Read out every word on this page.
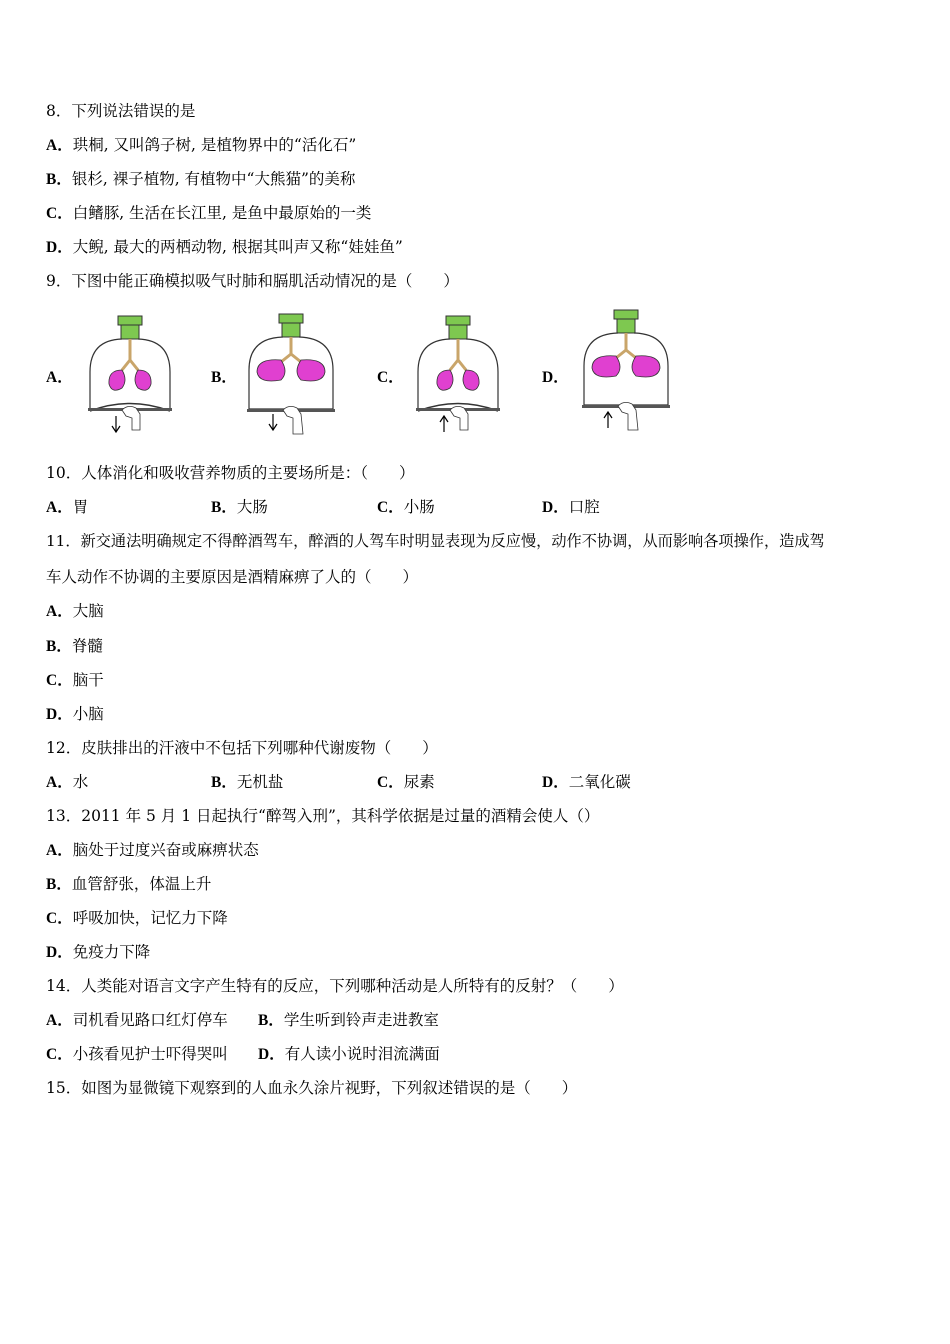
8．下列说法错误的是
A．珙桐, 又叫鸽子树, 是植物界中的“活化石”
B．银杉, 裸子植物, 有植物中“大熊猫”的美称
C．白鳍豚, 生活在长江里, 是鱼中最原始的一类
D．大鲵, 最大的两栖动物, 根据其叫声又称“娃娃鱼”
9．下图中能正确模拟吸气时肺和膈肌活动情况的是（　　）
A．	B．	C．	D．
10．人体消化和吸收营养物质的主要场所是：（　　）
A．胃	B．大肠	C．小肠	D．口腔
11．新交通法明确规定不得醉酒驾车，醉酒的人驾车时明显表现为反应慢，动作不协调，从而影响各项操作，造成驾
车人动作不协调的主要原因是酒精麻痹了人的（　　）
A．大脑
B．脊髓
C．脑干
D．小脑
12．皮肤排出的汗液中不包括下列哪种代谢废物（　　）
A．水	B．无机盐	C．尿素	D．二氧化碳
13．2011 年 5 月 1 日起执行“醉驾入刑”，其科学依据是过量的酒精会使人（）
A．脑处于过度兴奋或麻痹状态
B．血管舒张，体温上升
C．呼吸加快，记忆力下降
D．免疫力下降
14．人类能对语言文字产生特有的反应，下列哪种活动是人所特有的反射？（　　）
A．司机看见路口红灯停车 B．学生听到铃声走进教室
C．小孩看见护士吓得哭叫 D．有人读小说时泪流满面
15．如图为显微镜下观察到的人血永久涂片视野，下列叙述错误的是（　　）
